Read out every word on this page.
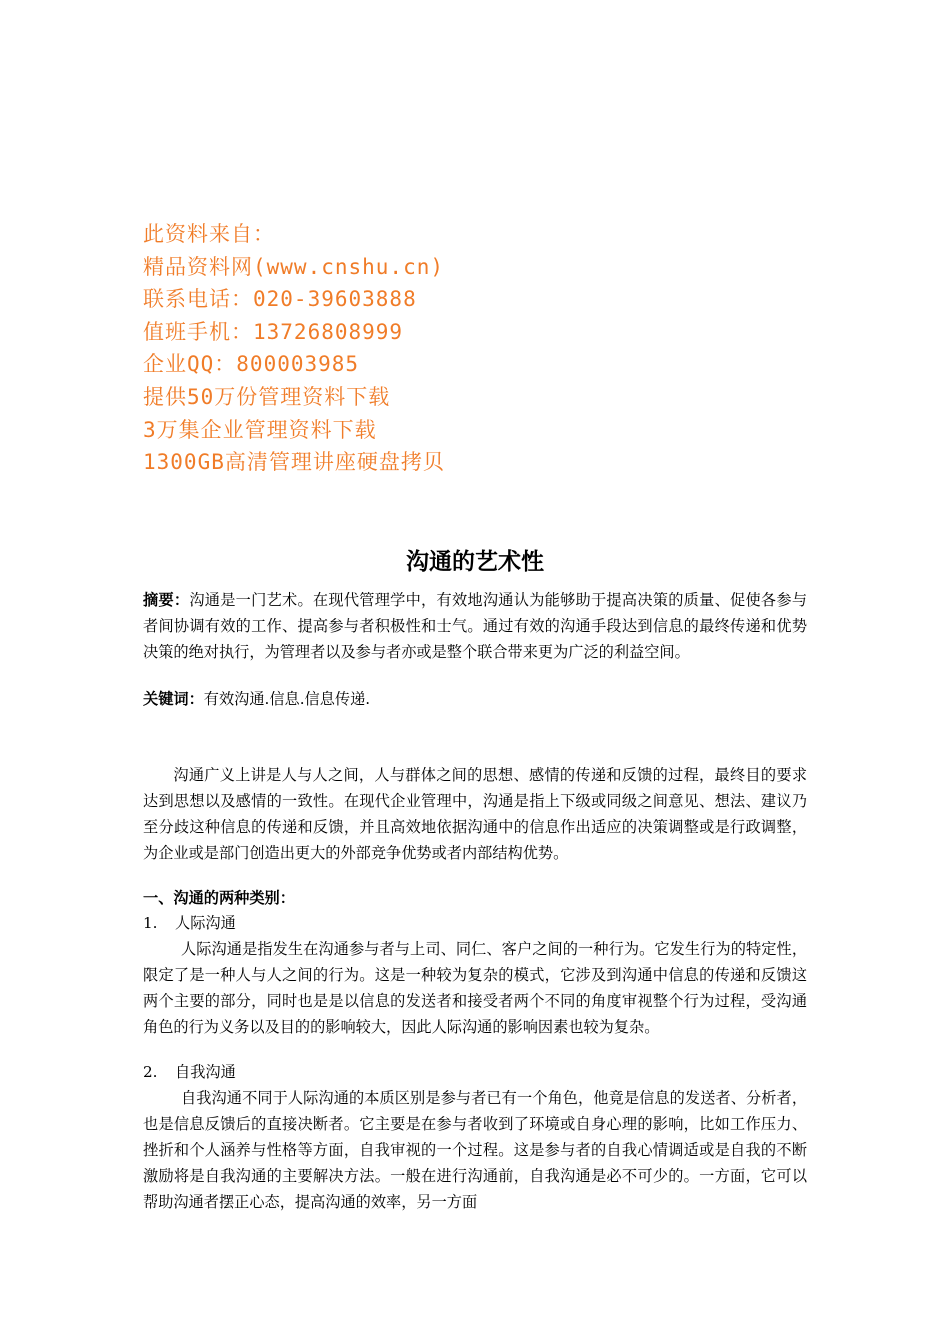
此资料来自：
精品资料网(www.cnshu.cn)
联系电话：020-39603888
值班手机：13726808999
企业QQ：800003985
提供50万份管理资料下载
3万集企业管理资料下载
1300GB高清管理讲座硬盘拷贝
沟通的艺术性
摘要：沟通是一门艺术。在现代管理学中，有效地沟通认为能够助于提高决策的质量、促使各参与者间协调有效的工作、提高参与者积极性和士气。通过有效的沟通手段达到信息的最终传递和优势决策的绝对执行，为管理者以及参与者亦或是整个联合带来更为广泛的利益空间。
关键词：有效沟通.信息.信息传递.
沟通广义上讲是人与人之间，人与群体之间的思想、感情的传递和反馈的过程，最终目的要求达到思想以及感情的一致性。在现代企业管理中，沟通是指上下级或同级之间意见、想法、建议乃至分歧这种信息的传递和反馈，并且高效地依据沟通中的信息作出适应的决策调整或是行政调整，为企业或是部门创造出更大的外部竞争优势或者内部结构优势。
一、沟通的两种类别：
1. 人际沟通
人际沟通是指发生在沟通参与者与上司、同仁、客户之间的一种行为。它发生行为的特定性，限定了是一种人与人之间的行为。这是一种较为复杂的模式，它涉及到沟通中信息的传递和反馈这两个主要的部分，同时也是是以信息的发送者和接受者两个不同的角度审视整个行为过程，受沟通角色的行为义务以及目的的影响较大，因此人际沟通的影响因素也较为复杂。
2. 自我沟通
自我沟通不同于人际沟通的本质区别是参与者已有一个角色，他竟是信息的发送者、分析者，也是信息反馈后的直接决断者。它主要是在参与者收到了环境或自身心理的影响，比如工作压力、挫折和个人涵养与性格等方面，自我审视的一个过程。这是参与者的自我心情调适或是自我的不断激励将是自我沟通的主要解决方法。一般在进行沟通前，自我沟通是必不可少的。一方面，它可以帮助沟通者摆正心态，提高沟通的效率，另一方面
